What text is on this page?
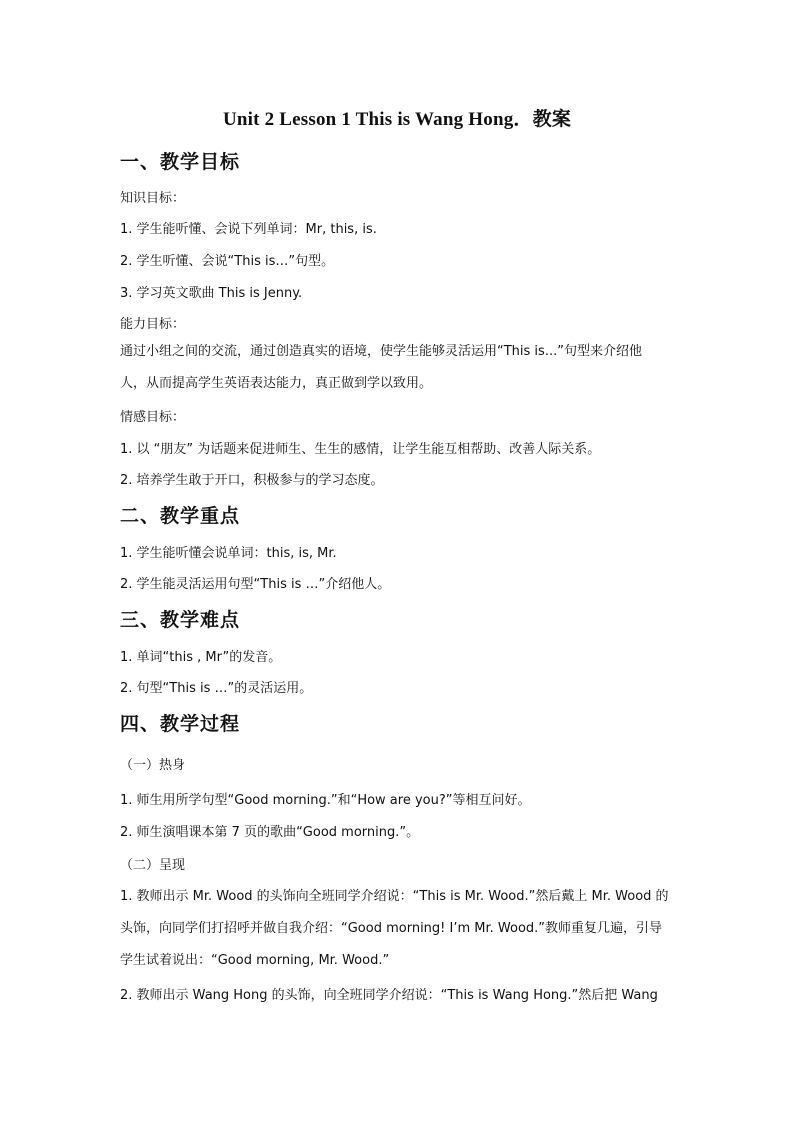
Unit 2 Lesson 1 This is Wang Hong．教案
一、教学目标
知识目标：
1. 学生能听懂、会说下列单词：Mr, this, is.
2. 学生听懂、会说“This is…”句型。
3. 学习英文歌曲 This is Jenny.
能力目标：
通过小组之间的交流，通过创造真实的语境，使学生能够灵活运用“This is...”句型来介绍他
人，从而提高学生英语表达能力，真正做到学以致用。
情感目标：
1. 以 “朋友” 为话题来促进师生、生生的感情，让学生能互相帮助、改善人际关系。
2. 培养学生敢于开口，积极参与的学习态度。
二、教学重点
1. 学生能听懂会说单词：this, is, Mr.
2. 学生能灵活运用句型“This is …”介绍他人。
三、教学难点
1. 单词“this , Mr”的发音。
2. 句型“This is …”的灵活运用。
四、教学过程
（一）热身
1. 师生用所学句型“Good morning.”和“How are you?”等相互问好。
2. 师生演唱课本第 7 页的歌曲“Good morning.”。
（二）呈现
1. 教师出示 Mr. Wood 的头饰向全班同学介绍说：“This is Mr. Wood.”然后戴上 Mr. Wood 的
头饰，向同学们打招呼并做自我介绍：“Good morning! I’m Mr. Wood.”教师重复几遍，引导
学生试着说出：“Good morning, Mr. Wood.”
2. 教师出示 Wang Hong 的头饰，向全班同学介绍说：“This is Wang Hong.”然后把 Wang
